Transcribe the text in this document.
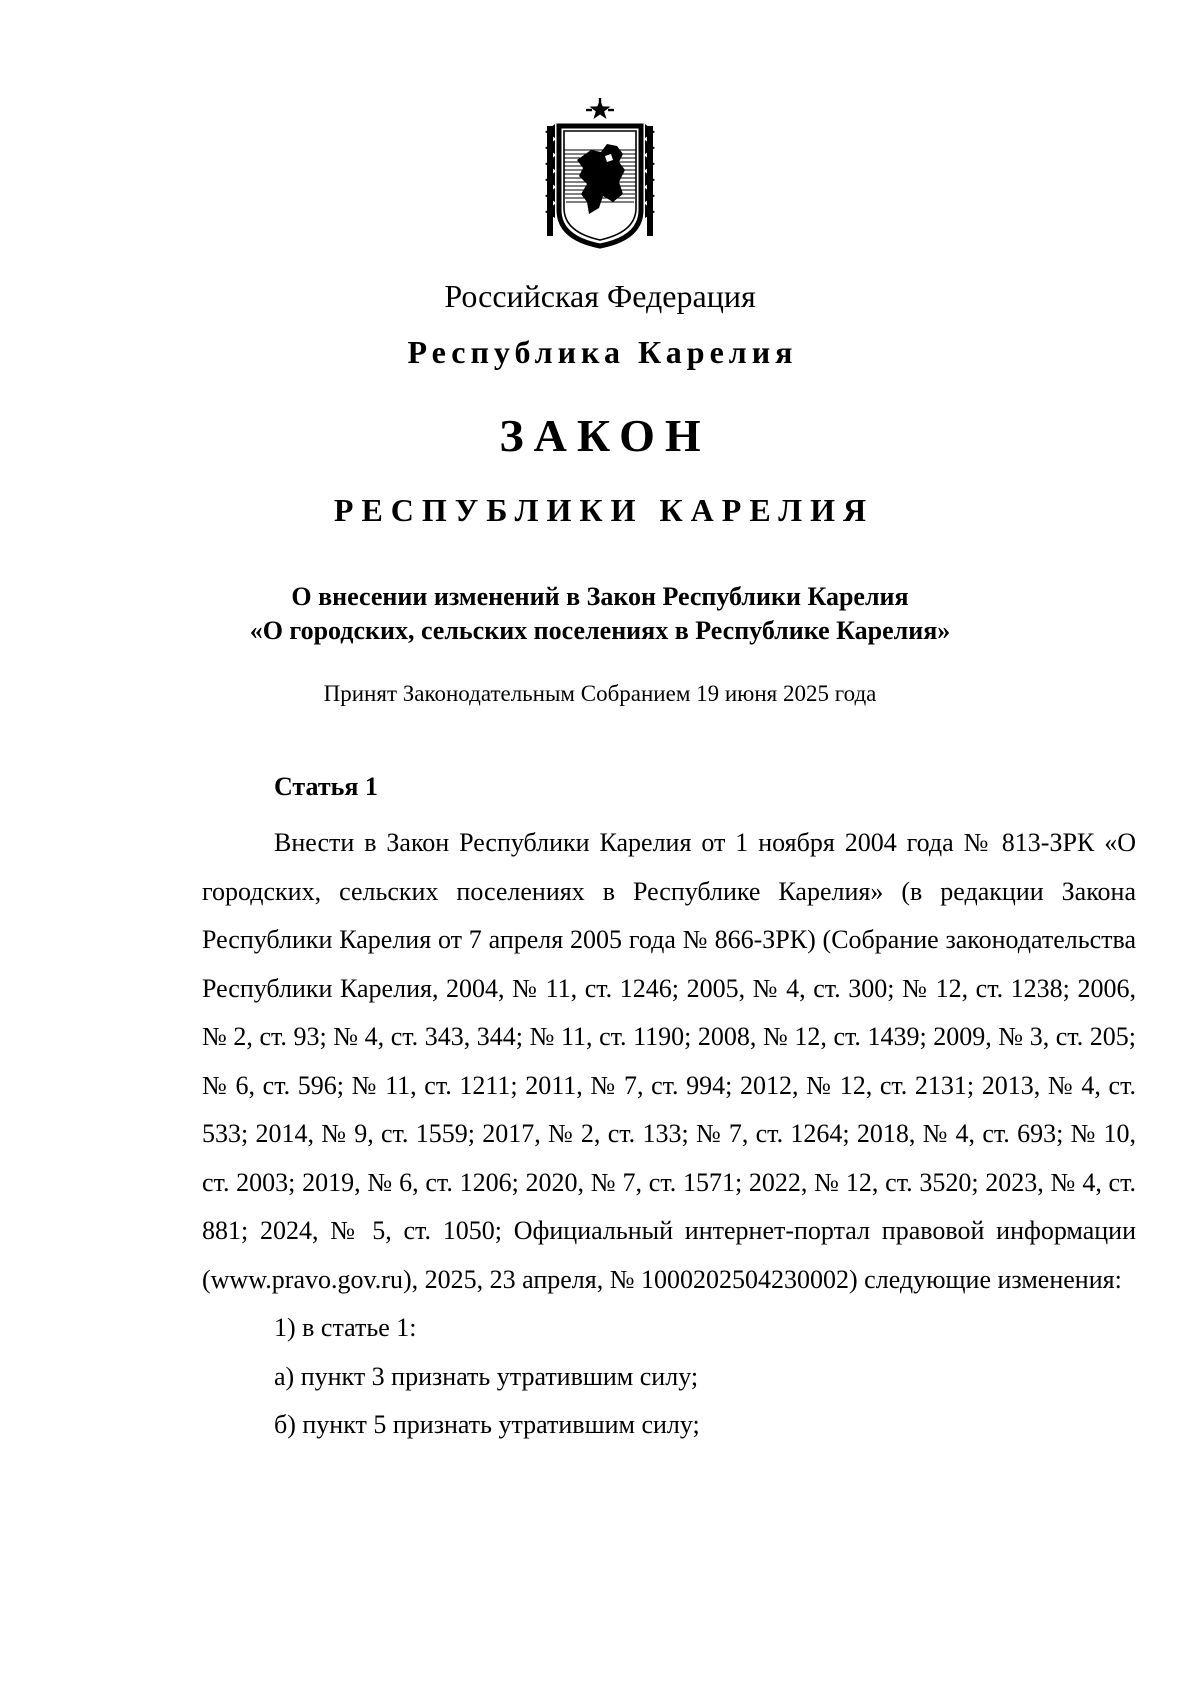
Российская Федерация
Республика Карелия
ЗАКОН
РЕСПУБЛИКИ КАРЕЛИЯ
О внесении изменений в Закон Республики Карелия
«О городских, сельских поселениях в Республике Карелия»
Принят Законодательным Собранием 19 июня 2025 года
Статья 1

Внести в Закон Республики Карелия от 1 ноября 2004 года № 813-ЗРК «О городских, сельских поселениях в Республике Карелия» (в редакции Закона Республики Карелия от 7 апреля 2005 года № 866-ЗРК) (Собрание законодательства Республики Карелия, 2004, № 11, ст. 1246; 2005, № 4, ст. 300; № 12, ст. 1238; 2006, № 2, ст. 93; № 4, ст. 343, 344; № 11, ст. 1190; 2008, № 12, ст. 1439; 2009, № 3, ст. 205; № 6, ст. 596; № 11, ст. 1211; 2011, № 7, ст. 994; 2012, № 12, ст. 2131; 2013, № 4, ст. 533; 2014, № 9, ст. 1559; 2017, № 2, ст. 133; № 7, ст. 1264; 2018, № 4, ст. 693; № 10, ст. 2003; 2019, № 6, ст. 1206; 2020, № 7, ст. 1571; 2022, № 12, ст. 3520; 2023, № 4, ст. 881; 2024, № 5, ст. 1050; Официальный интернет-портал правовой информации (www.pravo.gov.ru), 2025, 23 апреля, № 1000202504230002) следующие изменения:

1) в статье 1:

а) пункт 3 признать утратившим силу;

б) пункт 5 признать утратившим силу;
